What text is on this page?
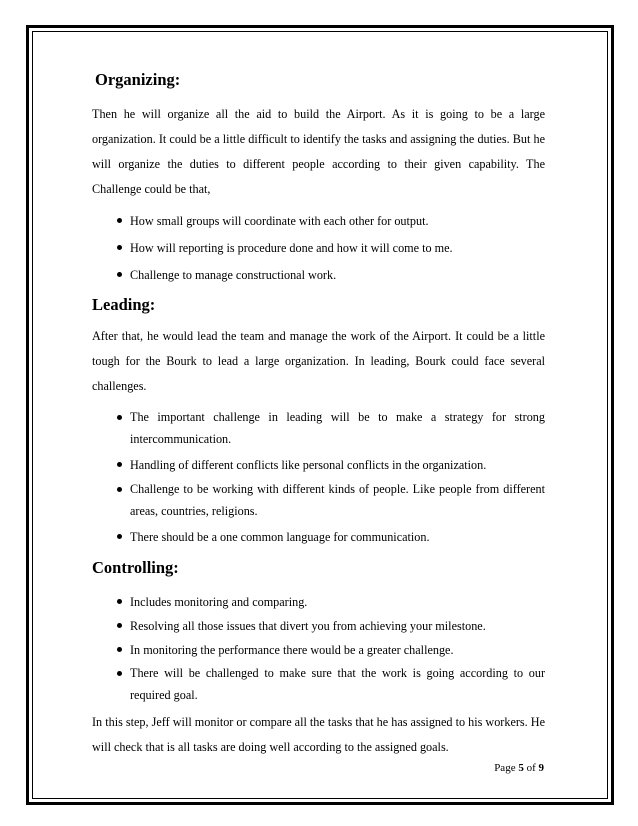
Organizing:

Then he will organize all the aid to build the Airport. As it is going to be a large organization. It could be a little difficult to identify the tasks and assigning the duties. But he will organize the duties to different people according to their given capability. The Challenge could be that,

How small groups will coordinate with each other for output.
How will reporting is procedure done and how it will come to me.
Challenge to manage constructional work.
Leading:

After that, he would lead the team and manage the work of the Airport. It could be a little tough for the Bourk to lead a large organization. In leading, Bourk could face several challenges.

The important challenge in leading will be to make a strategy for strong intercommunication.
Handling of different conflicts like personal conflicts in the organization.
Challenge to be working with different kinds of people. Like people from different areas, countries, religions.
There should be a one common language for communication.
Controlling:
Includes monitoring and comparing.
Resolving all those issues that divert you from achieving your milestone.
In monitoring the performance there would be a greater challenge.
There will be challenged to make sure that the work is going according to our required goal.

In this step, Jeff will monitor or compare all the tasks that he has assigned to his workers. He will check that is all tasks are doing well according to the assigned goals.

Page 5 of 9
